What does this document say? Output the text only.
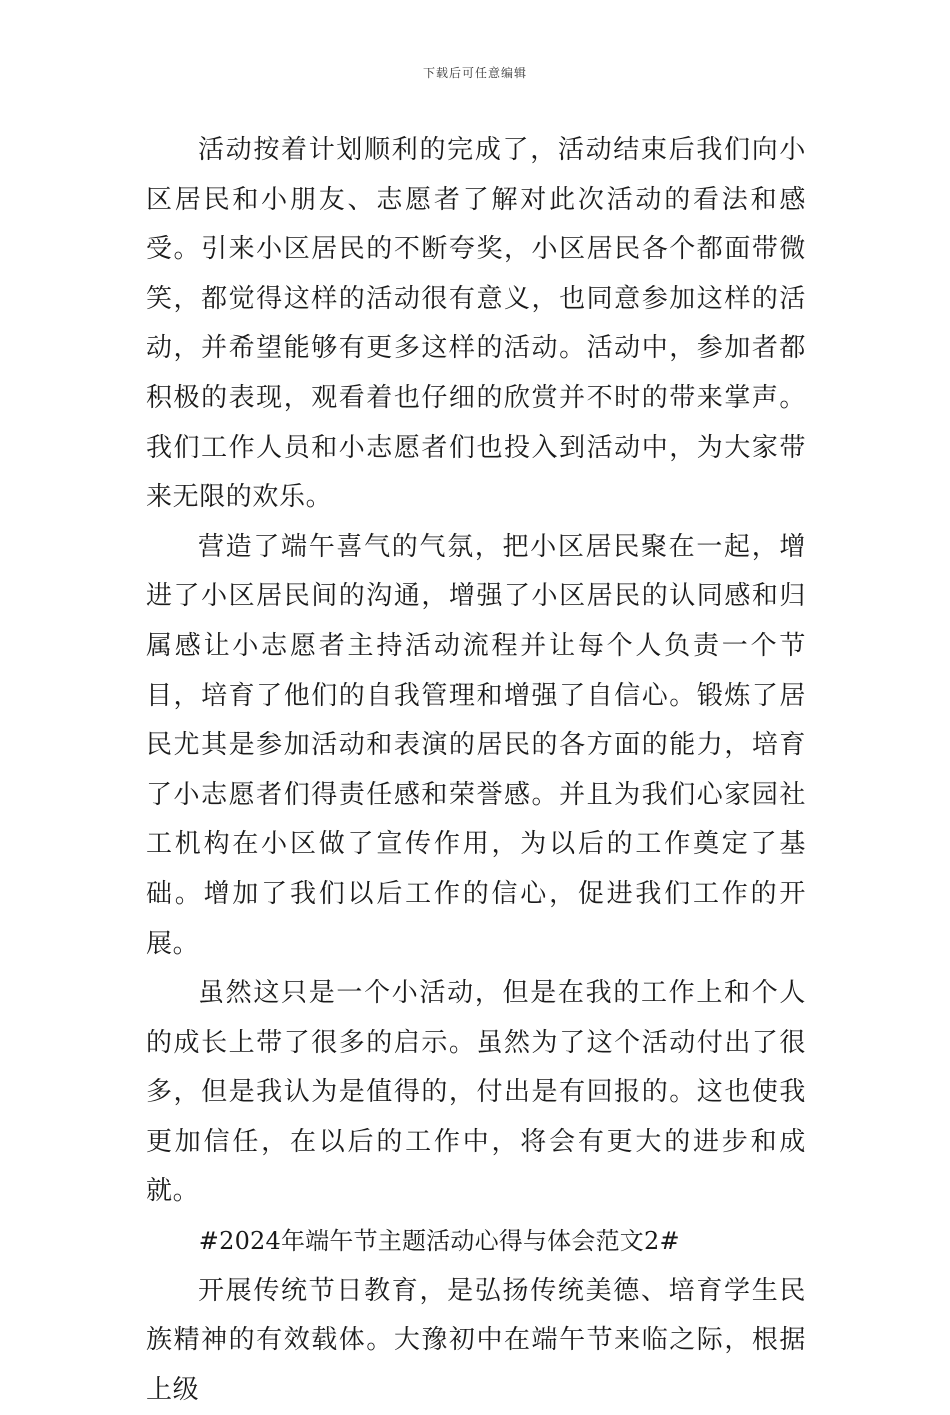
下载后可任意编辑

活动按着计划顺利的完成了，活动结束后我们向小区居民和小朋友、志愿者了解对此次活动的看法和感受。引来小区居民的不断夸奖，小区居民各个都面带微笑，都觉得这样的活动很有意义，也同意参加这样的活动，并希望能够有更多这样的活动。活动中，参加者都积极的表现，观看着也仔细的欣赏并不时的带来掌声。我们工作人员和小志愿者们也投入到活动中，为大家带来无限的欢乐。

营造了端午喜气的气氛，把小区居民聚在一起，增进了小区居民间的沟通，增强了小区居民的认同感和归属感让小志愿者主持活动流程并让每个人负责一个节目，培育了他们的自我管理和增强了自信心。锻炼了居民尤其是参加活动和表演的居民的各方面的能力，培育了小志愿者们得责任感和荣誉感。并且为我们心家园社工机构在小区做了宣传作用，为以后的工作奠定了基础。增加了我们以后工作的信心，促进我们工作的开展。

虽然这只是一个小活动，但是在我的工作上和个人的成长上带了很多的启示。虽然为了这个活动付出了很多，但是我认为是值得的，付出是有回报的。这也使我更加信任，在以后的工作中，将会有更大的进步和成就。

#2024年端午节主题活动心得与体会范文2#

开展传统节日教育，是弘扬传统美德、培育学生民族精神的有效载体。大豫初中在端午节来临之际，根据上级
